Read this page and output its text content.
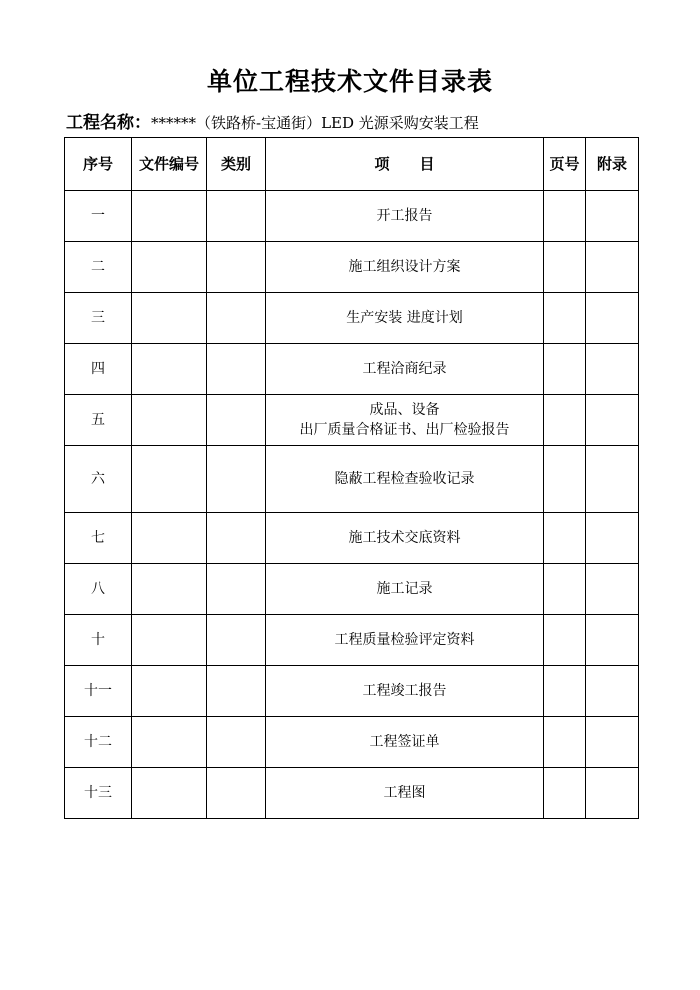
单位工程技术文件目录表
工程名称：******（铁路桥-宝通街）LED 光源采购安装工程
序号	文件编号	类别	项　　目	页号	附录
一			开工报告		
二			施工组织设计方案		
三			生产安装 进度计划		
四			工程洽商纪录		
五			成品、设备
出厂质量合格证书、出厂检验报告		

六			隐蔽工程检查验收记录		
七			施工技术交底资料		
八			施工记录		
十			工程质量检验评定资料		
十一			工程竣工报告		
十二			工程签证单		
十三			工程图		
